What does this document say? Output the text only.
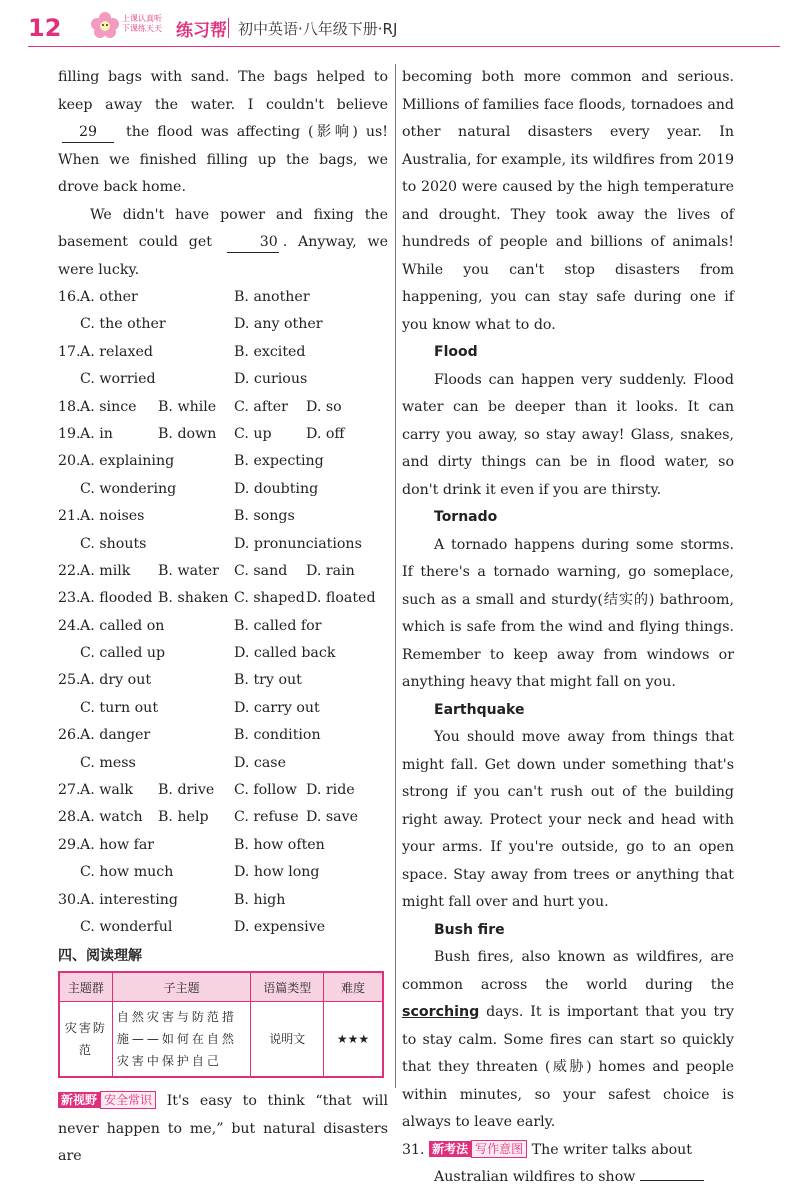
12	上课认真听 下课练天天 练习帮 初中英语·八年级下册·RJ

filling bags with sand. The bags helped to keep away the water. I couldn't believe 29 the flood was affecting (影响) us! When we finished filling up the bags, we drove back home.

We didn't have power and fixing the basement could get	30 . Anyway, we were lucky.

16. A. other	B. another
C. the other	D. any other
17. A. relaxed	B. excited
C. worried	D. curious
18. A. since B. while C. after D. so
19. A. in	B. down C. up D. off
20. A. explaining	B. expecting
C. wondering	D. doubting
21. A. noises	B. songs
C. shouts	D. pronunciations
22. A. milk B. water C. sand D. rain
23. A. flooded B. shaken C. shaped D. floated
24. A. called on	B. called for
C. called up	D. called back
25. A. dry out	B. try out
C. turn out	D. carry out
26. A. danger	B. condition
C. mess	D. case
27. A. walk B. drive C. follow D. ride
28. A. watch B. help C. refuse D. save
29. A. how far	B. how often
C. how much	D. how long
30. A. interesting	B. high
C. wonderful	D. expensive
四、阅读理解
主题群	子主题	语篇类型	难度
灾害防范	自然灾害与防范措施——如何在自然灾害中保护自己	说明文	★★★

新视野 安全常识 It's easy to think “that will never happen to me,” but natural disasters are

becoming both more common and serious. Millions of families face floods, tornadoes and other natural disasters every year. In Australia, for example, its wildfires from 2019 to 2020 were caused by the high temperature and drought. They took away the lives of hundreds of people and billions of animals! While you can't stop disasters from happening, you can stay safe during one if you know what to do.

Flood

Floods can happen very suddenly. Flood water can be deeper than it looks. It can carry you away, so stay away! Glass, snakes, and dirty things can be in flood water, so don't drink it even if you are thirsty.

Tornado

A tornado happens during some storms. If there's a tornado warning, go someplace, such as a small and sturdy(结实的) bathroom, which is safe from the wind and flying things. Remember to keep away from windows or anything heavy that might fall on you.

Earthquake

You should move away from things that might fall. Get down under something that's strong if you can't rush out of the building right away. Protect your neck and head with your arms. If you're outside, go to an open space. Stay away from trees or anything that might fall over and hurt you.

Bush fire

Bush fires, also known as wildfires, are common across the world during the scorching days. It is important that you try to stay calm. Some fires can start so quickly that they threaten (威胁) homes and people within minutes, so your safest choice is always to leave early.

31. 新考法 写作意图 The writer talks about
Australian wildfires to show
